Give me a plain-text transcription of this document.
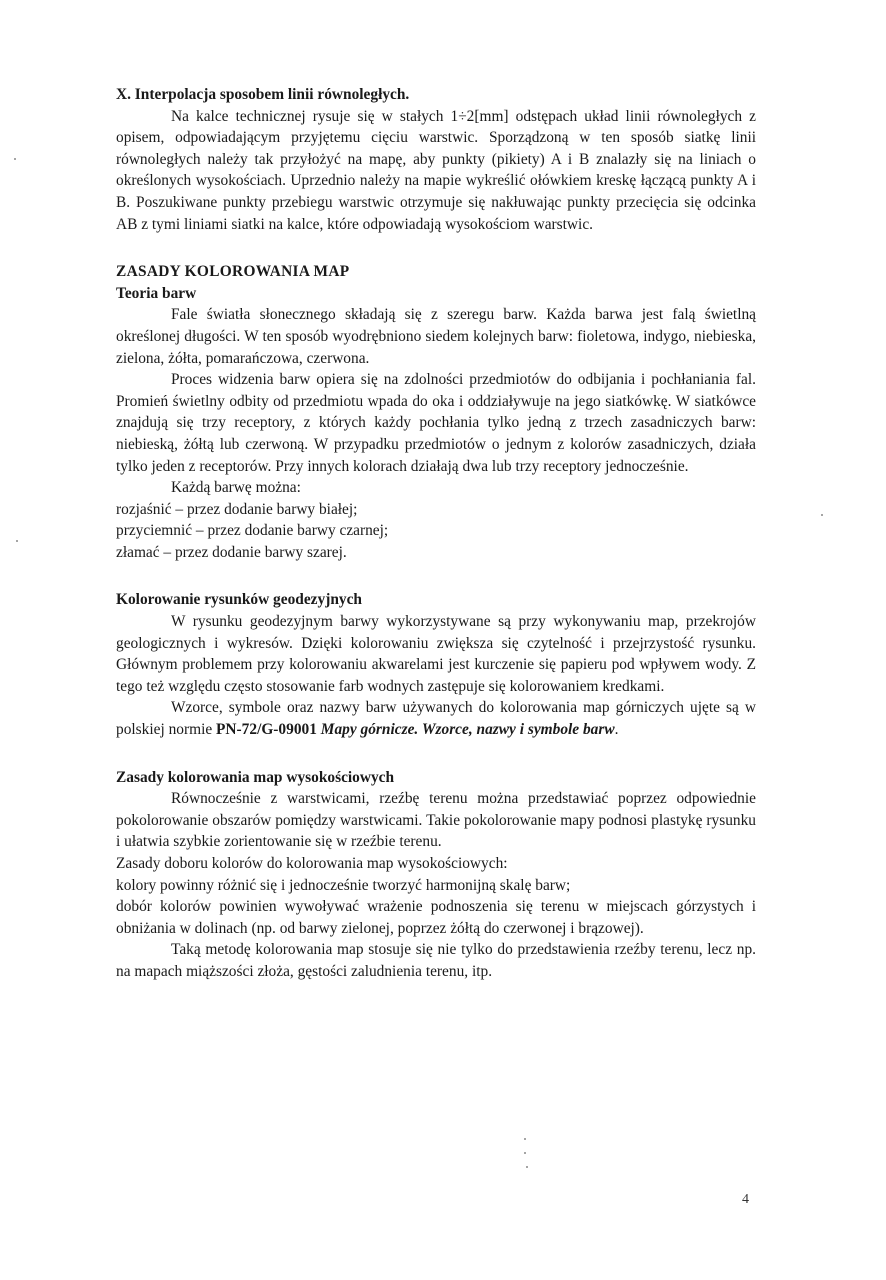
X. Interpolacja sposobem linii równoległych.

Na kalce technicznej rysuje się w stałych 1÷2[mm] odstępach układ linii równoległych z opisem, odpowiadającym przyjętemu cięciu warstwic. Sporządzoną w ten sposób siatkę linii równoległych należy tak przyłożyć na mapę, aby punkty (pikiety) A i B znalazły się na liniach o określonych wysokościach. Uprzednio należy na mapie wykreślić ołówkiem kreskę łączącą punkty A i B. Poszukiwane punkty przebiegu warstwic otrzymuje się nakłuwając punkty przecięcia się odcinka AB z tymi liniami siatki na kalce, które odpowiadają wysokościom warstwic.

ZASADY KOLOROWANIA MAP

Teoria barw

Fale światła słonecznego składają się z szeregu barw. Każda barwa jest falą świetlną określonej długości. W ten sposób wyodrębniono siedem kolejnych barw: fioletowa, indygo, niebieska, zielona, żółta, pomarańczowa, czerwona.

Proces widzenia barw opiera się na zdolności przedmiotów do odbijania i pochłaniania fal. Promień świetlny odbity od przedmiotu wpada do oka i oddziaływuje na jego siatkówkę. W siatkówce znajdują się trzy receptory, z których każdy pochłania tylko jedną z trzech zasadniczych barw: niebieską, żółtą lub czerwoną. W przypadku przedmiotów o jednym z kolorów zasadniczych, działa tylko jeden z receptorów. Przy innych kolorach działają dwa lub trzy receptory jednocześnie.

Każdą barwę można:

rozjaśnić – przez dodanie barwy białej;

przyciemnić – przez dodanie barwy czarnej;

złamać – przez dodanie barwy szarej.

Kolorowanie rysunków geodezyjnych

W rysunku geodezyjnym barwy wykorzystywane są przy wykonywaniu map, przekrojów geologicznych i wykresów. Dzięki kolorowaniu zwiększa się czytelność i przejrzystość rysunku. Głównym problemem przy kolorowaniu akwarelami jest kurczenie się papieru pod wpływem wody. Z tego też względu często stosowanie farb wodnych zastępuje się kolorowaniem kredkami.

Wzorce, symbole oraz nazwy barw używanych do kolorowania map górniczych ujęte są w polskiej normie PN-72/G-09001 Mapy górnicze. Wzorce, nazwy i symbole barw.

Zasady kolorowania map wysokościowych

Równocześnie z warstwicami, rzeźbę terenu można przedstawiać poprzez odpowiednie pokolorowanie obszarów pomiędzy warstwicami. Takie pokolorowanie mapy podnosi plastykę rysunku i ułatwia szybkie zorientowanie się w rzeźbie terenu.

Zasady doboru kolorów do kolorowania map wysokościowych:

kolory powinny różnić się i jednocześnie tworzyć harmonijną skalę barw;

dobór kolorów powinien wywoływać wrażenie podnoszenia się terenu w miejscach górzystych i obniżania w dolinach (np. od barwy zielonej, poprzez żółtą do czerwonej i brązowej).

Taką metodę kolorowania map stosuje się nie tylko do przedstawienia rzeźby terenu, lecz np. na mapach miąższości złoża, gęstości zaludnienia terenu, itp.

4
